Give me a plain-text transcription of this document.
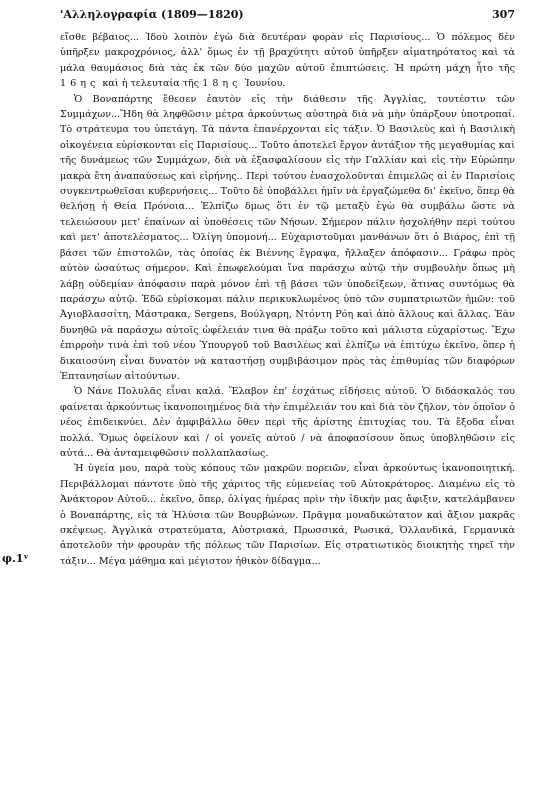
'Αλληλογραφία (1809—1820)	307
φ.1ᵛ

εἴσθε βέβαιος... Ἰδοὺ λοιπὸν ἐγὼ διὰ δευτέραν φορὰν εἰς Παρισίους... Ὁ πόλεμος δὲν ὑπῆρξεν μακροχρόνιος, ἀλλ' ὅμως ἐν τῇ βραχύτητι αὐτοῦ ὑπῆρξεν αἱματηρότατος καὶ τὰ μάλα θαυμάσιος διὰ τὰς ἐκ τῶν δύο μαχῶν αὐτοῦ ἐπιπτώσεις. Ἡ πρώτη μάχη ἦτο τῆς 16ης καὶ ἡ τελευταία τῆς 18ης Ἰουνίου.

Ὁ Βοναπάρτης ἔθεσεν ἑαυτὸν εἰς τὴν διάθεσιν τῆς Ἀγγλίας, τουτέστιν τῶν Συμμάχων...Ἤδη θὰ ληφθῶσιν μέτρα ἀρκούντως αὐστηρὰ διὰ νὰ μὴν ὑπάρξουν ὑποτροπαί. Τὸ στράτευμα του ὑπετάγη. Τὰ πάντα ἐπανέρχονται εἰς τάξιν. Ὁ Βασιλεὺς καὶ ἡ Βασιλικὴ οἰκογένεια εὑρίσκονται εἰς Παρισίους... Τοῦτο ἀποτελεῖ ἔργον ἀντάξιον τῆς μεγαθυμίας καὶ τῆς δυνάμεως τῶν Συμμάχων, διὰ νὰ ἐξασφαλίσουν εἰς τὴν Γαλλίαν καὶ εἰς τὴν Εὐρώπην μακρὰ ἔτη ἀναπαύσεως καὶ εἰρήνης.. Περὶ τούτου ἐνασχολοῦνται ἐπιμελῶς αἱ ἐν Παρισίοις συγκεντρωθεῖσαι κυβερνήσεις... Τοῦτο δὲ ὑποβάλλει ἡμῖν νὰ ἐργαζώμεθα δι' ἐκεῖνο, ὅπερ θὰ θελήσῃ ἡ Θεία Πρόνοια... Ἐλπίζω δμως ὅτι ἐν τῷ μεταξὺ ἐγὼ θὰ συμβάλω ὥστε νὰ τελειώσουν μετ' ἐπαίνων αἱ ὑποθέσεις τῶν Νήσων. Σήμερον πάλιν ἠσχολήθην περὶ τούτου καὶ μετ' ἀποτελέσματος... Ὀλίγη ὑπομονή... Εὐχαριστοῦμαι μανθάνων ὅτι ὁ Βιάρος, ἐπὶ τῇ βάσει τῶν ἐπιστολῶν, τὰς ὁποίας ἐκ Βιέννης ἔγραψα, ἤλλαξεν ἀπόφασιν... Γράφω πρὸς αὐτὸν ὡσαύτως σήμερον. Καὶ ἐπωφελούμαι ἵνα παράσχω αὐτῷ τὴν συμβουλὴν ὅπως μὴ λάβῃ οὐδεμίαν ἀπόφασιν παρὰ μόνον ἐπὶ τῇ βάσει τῶν ὑποδείξεων, ἅτινας συντόμως θὰ παράσχω αὐτῷ. Ἐδῶ εὑρίσκομαι πάλιν περικυκλωμένος ὑπὸ τῶν συμπατριωτῶν ἡμῶν: τοῦ Ἀγιοβλασσίτη, Μάστρακα, Sergens, Βούλγαρη, Ντόντη Ρόη καὶ ἀπὸ ἄλλους καὶ ἄλλας. Ἐὰν δυνηθῶ νὰ παράσχω αὐτοῖς ὠφέλειάν τινα θὰ πράξω τοῦτο καὶ μάλιστα εὐχαρίστως. Ἔχω ἐπιρροὴν τινὰ ἐπὶ τοῦ νέου Ὑπουργοῦ τοῦ Βασιλέως καὶ ἐλπίζω νὰ ἐπιτύχω ἐκεῖνο, ὅπερ ἡ δικαιοσύνη εἶναι δυνατὸν νὰ καταστήσῃ συμβιβάσιμον πρὸς τὰς ἐπιθυμίας τῶν διαφόρων Ἑπτανησίων αἰτούντων.

Ὁ Νάνε Πολυλᾶς εἶναι καλά. Ἔλαβον ἐπ' ἐσχάτως εἰδήσεις αὐτοῦ. Ὁ διδάσκαλός του φαίνεται ἀρκούντως ἱκανοποιημένος διὰ τὴν ἐπιμέλειάν του καὶ διὰ τὸν ζῆλον, τὸν ὁποῖον ὁ νέος ἐπιδεικνύει. Δὲν ἀμφιβάλλω ὅθεν περὶ τῆς ἀρίστης ἐπιτυχίας του. Τὰ ἔξοδα εἶναι πολλά. Ὅμως ὀφείλουν καὶ / οἱ γονεῖς αὐτοῦ / νὰ ἀποφασίσουν ὅπως ὑποβληθῶσιν εἰς αὐτά... Θὰ ἀνταμειφθῶσιν πολλαπλασίως.

Ἡ ὑγεία μου, παρὰ τοὺς κόπους τῶν μακρῶν πορειῶν, εἶναι ἀρκούντως ἱκανοποιητική. Περιβάλλομαι πάντοτε ὑπὸ τῆς χάριτος τῆς εὐμενείας τοῦ Αὐτοκράτορος. Διαμένω εἰς τὸ Ἀνάκτορον Αὐτοῦ... ἐκεῖνο, ὅπερ, ὀλίγας ἡμέρας πρὶν τὴν ἰδικήν μας ἄφιξιν, κατελάμβανεν ὁ Βοναπάρτης, εἰς τὰ Ἠλύσια τῶν Βουρβώνων. Πρᾶγμα μοναδικώτατον καὶ ἄξιον μακρᾶς σκέψεως. Ἀγγλικὰ στρατεύματα, Αὐστριακά, Πρωσσικά, Ρωσικά, Ὁλλανδικά, Γερμανικὰ ἀποτελοῦν τὴν φρουρὰν τῆς πόλεως τῶν Παρισίων. Εἰς στρατιωτικὸς διοικητὴς τηρεῖ τὴν τάξιν... Μέγα μάθημα καὶ μέγιστον ἠθικὸν δίδαγμα...
